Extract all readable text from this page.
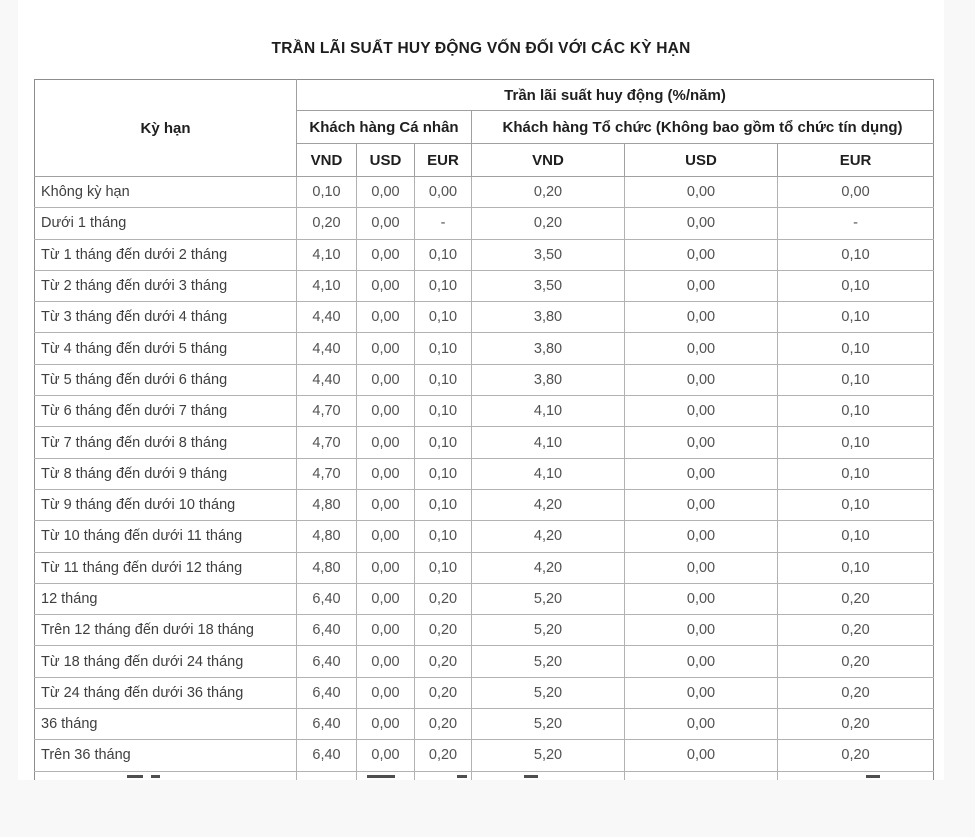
TRẦN LÃI SUẤT HUY ĐỘNG VỐN ĐỐI VỚI CÁC KỲ HẠN
Kỳ hạn	Trần lãi suất huy động (%/năm)					
	Khách hàng Cá nhân			Khách hàng Tổ chức (Không bao gồm tổ chức tín dụng)		
	VND	USD	EUR	VND	USD	EUR
Không kỳ hạn	0,10	0,00	0,00	0,20	0,00	0,00
Dưới 1 tháng	0,20	0,00	-	0,20	0,00	-
Từ 1 tháng đến dưới 2 tháng	4,10	0,00	0,10	3,50	0,00	0,10
Từ 2 tháng đến dưới 3 tháng	4,10	0,00	0,10	3,50	0,00	0,10
Từ 3 tháng đến dưới 4 tháng	4,40	0,00	0,10	3,80	0,00	0,10
Từ 4 tháng đến dưới 5 tháng	4,40	0,00	0,10	3,80	0,00	0,10
Từ 5 tháng đến dưới 6 tháng	4,40	0,00	0,10	3,80	0,00	0,10
Từ 6 tháng đến dưới 7 tháng	4,70	0,00	0,10	4,10	0,00	0,10
Từ 7 tháng đến dưới 8 tháng	4,70	0,00	0,10	4,10	0,00	0,10
Từ 8 tháng đến dưới 9 tháng	4,70	0,00	0,10	4,10	0,00	0,10
Từ 9 tháng đến dưới 10 tháng	4,80	0,00	0,10	4,20	0,00	0,10
Từ 10 tháng đến dưới 11 tháng	4,80	0,00	0,10	4,20	0,00	0,10
Từ 11 tháng đến dưới 12 tháng	4,80	0,00	0,10	4,20	0,00	0,10
12 tháng	6,40	0,00	0,20	5,20	0,00	0,20
Trên 12 tháng đến dưới 18 tháng	6,40	0,00	0,20	5,20	0,00	0,20
Từ 18 tháng đến dưới 24 tháng	6,40	0,00	0,20	5,20	0,00	0,20
Từ 24 tháng đến dưới 36 tháng	6,40	0,00	0,20	5,20	0,00	0,20
36 tháng	6,40	0,00	0,20	5,20	0,00	0,20
Trên 36 tháng	6,40	0,00	0,20	5,20	0,00	0,20
